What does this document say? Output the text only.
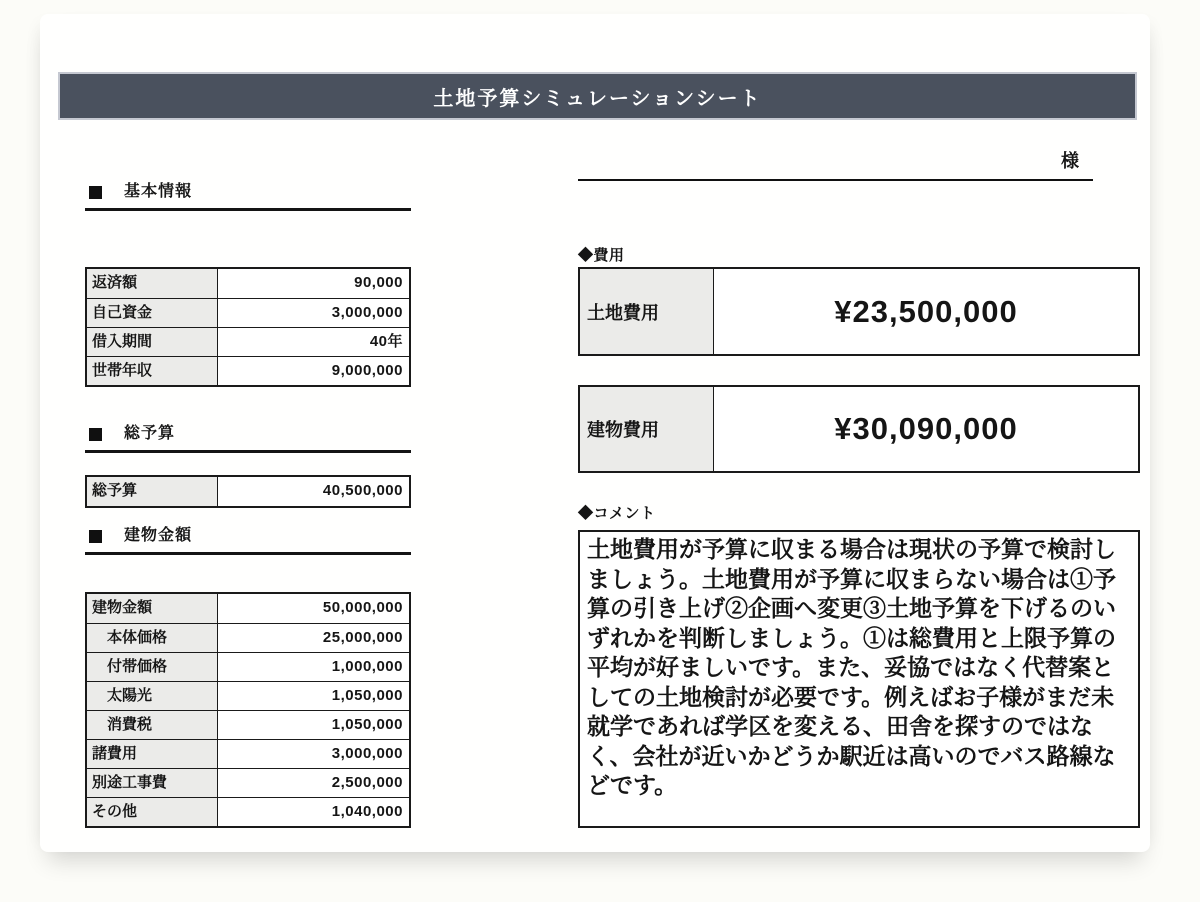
土地予算シミュレーションシート
様
基本情報
返済額	90,000
自己資金	3,000,000
借入期間	40年
世帯年収	9,000,000
総予算
総予算	40,500,000
建物金額
建物金額	50,000,000
　本体価格	25,000,000
　付帯価格	1,000,000
　太陽光	1,050,000
　消費税	1,050,000
諸費用	3,000,000
別途工事費	2,500,000
その他	1,040,000
◆費用
土地費用	¥23,500,000
建物費用	¥30,090,000
◆コメント
土地費用が予算に収まる場合は現状の予算で検討しましょう。土地費用が予算に収まらない場合は①予算の引き上げ②企画へ変更③土地予算を下げるのいずれかを判断しましょう。①は総費用と上限予算の平均が好ましいです。また、妥協ではなく代替案としての土地検討が必要です。例えばお子様がまだ未就学であれば学区を変える、田舎を探すのではなく、会社が近いかどうか駅近は高いのでバス路線などです。
